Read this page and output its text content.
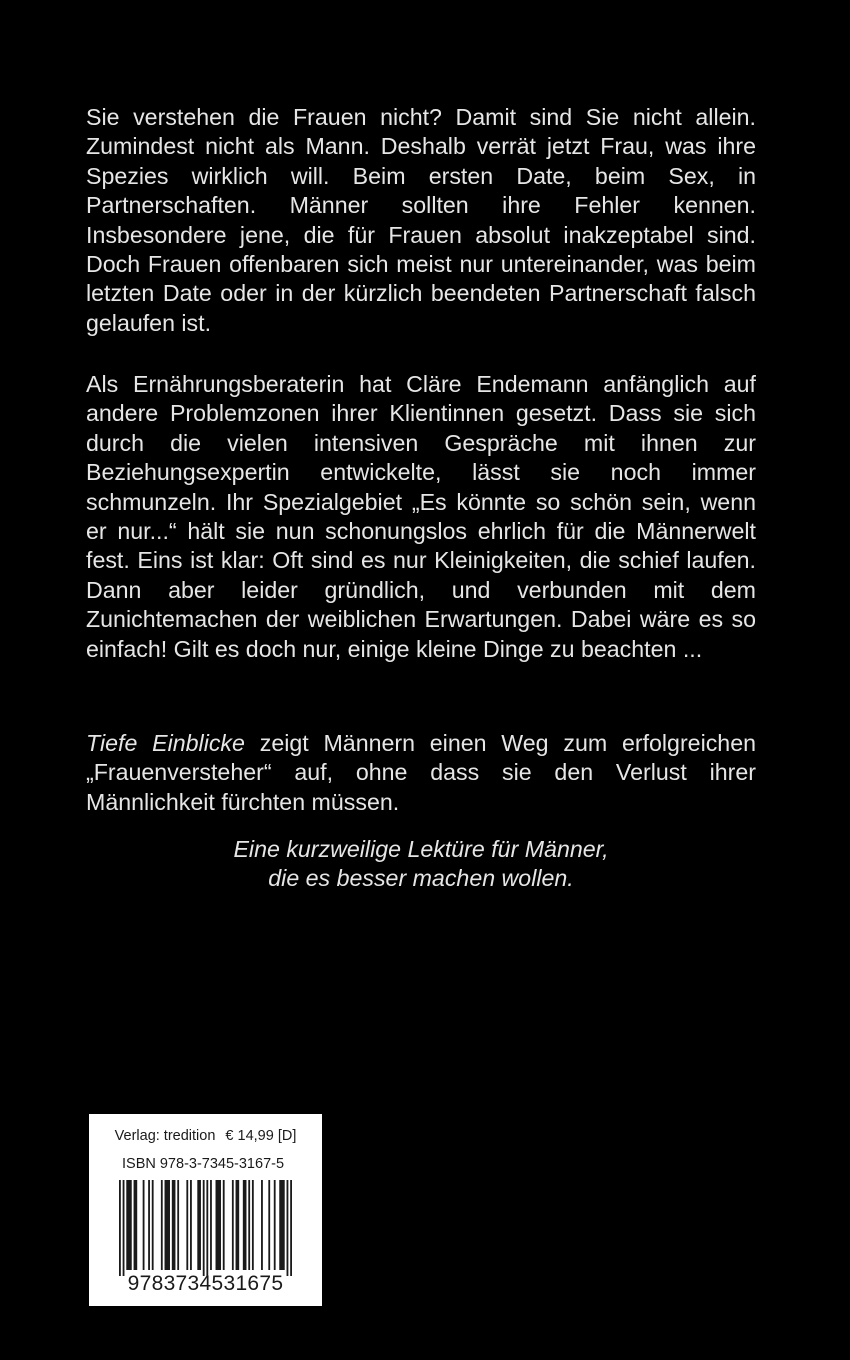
Sie verstehen die Frauen nicht? Damit sind Sie nicht allein. Zumindest nicht als Mann. Deshalb verrät jetzt Frau, was ihre Spezies wirklich will. Beim ersten Date, beim Sex, in Partnerschaften. Männer sollten ihre Fehler kennen. Insbesondere jene, die für Frauen absolut inakzeptabel sind. Doch Frauen offenbaren sich meist nur untereinander, was beim letzten Date oder in der kürzlich beendeten Partnerschaft falsch gelaufen ist.

Als Ernährungsberaterin hat Cläre Endemann anfänglich auf andere Problemzonen ihrer Klientinnen gesetzt. Dass sie sich durch die vielen intensiven Gespräche mit ihnen zur Beziehungsexpertin entwickelte, lässt sie noch immer schmunzeln. Ihr Spezialgebiet „Es könnte so schön sein, wenn er nur...“ hält sie nun schonungslos ehrlich für die Männerwelt fest. Eins ist klar: Oft sind es nur Kleinigkeiten, die schief laufen. Dann aber leider gründlich, und verbunden mit dem Zunichtemachen der weiblichen Erwartungen. Dabei wäre es so einfach! Gilt es doch nur, einige kleine Dinge zu beachten ...

Tiefe Einblicke zeigt Männern einen Weg zum erfolgreichen „Frauenversteher“ auf, ohne dass sie den Verlust ihrer Männlichkeit fürchten müssen.

Eine kurzweilige Lektüre für Männer,
die es besser machen wollen.
Verlag: tredition € 14,99 [D]
ISBN 978-3-7345-3167-5
9783734531675
